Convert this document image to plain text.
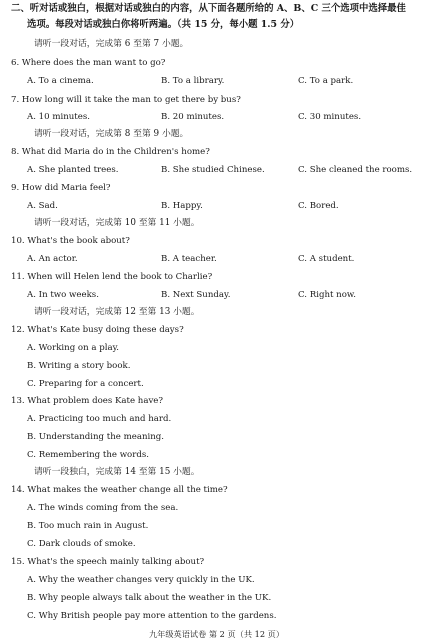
二、听对话或独白，根据对话或独白的内容，从下面各题所给的 A、B、C 三个选项中选择最佳
选项。每段对话或独白你将听两遍。（共 15 分，每小题 1.5 分）
请听一段对话，完成第 6 至第 7 小题。
6. Where does the man want to go?
A. To a cinema.	B. To a library.	C. To a park.
7. How long will it take the man to get there by bus?
A. 10 minutes.	B. 20 minutes.	C. 30 minutes.
请听一段对话，完成第 8 至第 9 小题。
8. What did Maria do in the Children's home?
A. She planted trees.	B. She studied Chinese.	C. She cleaned the rooms.
9. How did Maria feel?
A. Sad.	B. Happy.	C. Bored.
请听一段对话，完成第 10 至第 11 小题。
10. What's the book about?
A. An actor.	B. A teacher.	C. A student.
11. When will Helen lend the book to Charlie?
A. In two weeks.	B. Next Sunday.	C. Right now.
请听一段对话，完成第 12 至第 13 小题。
12. What's Kate busy doing these days?
A. Working on a play.
B. Writing a story book.
C. Preparing for a concert.
13. What problem does Kate have?
A. Practicing too much and hard.
B. Understanding the meaning.
C. Remembering the words.
请听一段独白，完成第 14 至第 15 小题。
14. What makes the weather change all the time?
A. The winds coming from the sea.
B. Too much rain in August.
C. Dark clouds of smoke.
15. What's the speech mainly talking about?
A. Why the weather changes very quickly in the UK.
B. Why people always talk about the weather in the UK.
C. Why British people pay more attention to the gardens.
九年级英语试卷 第 2 页（共 12 页）
